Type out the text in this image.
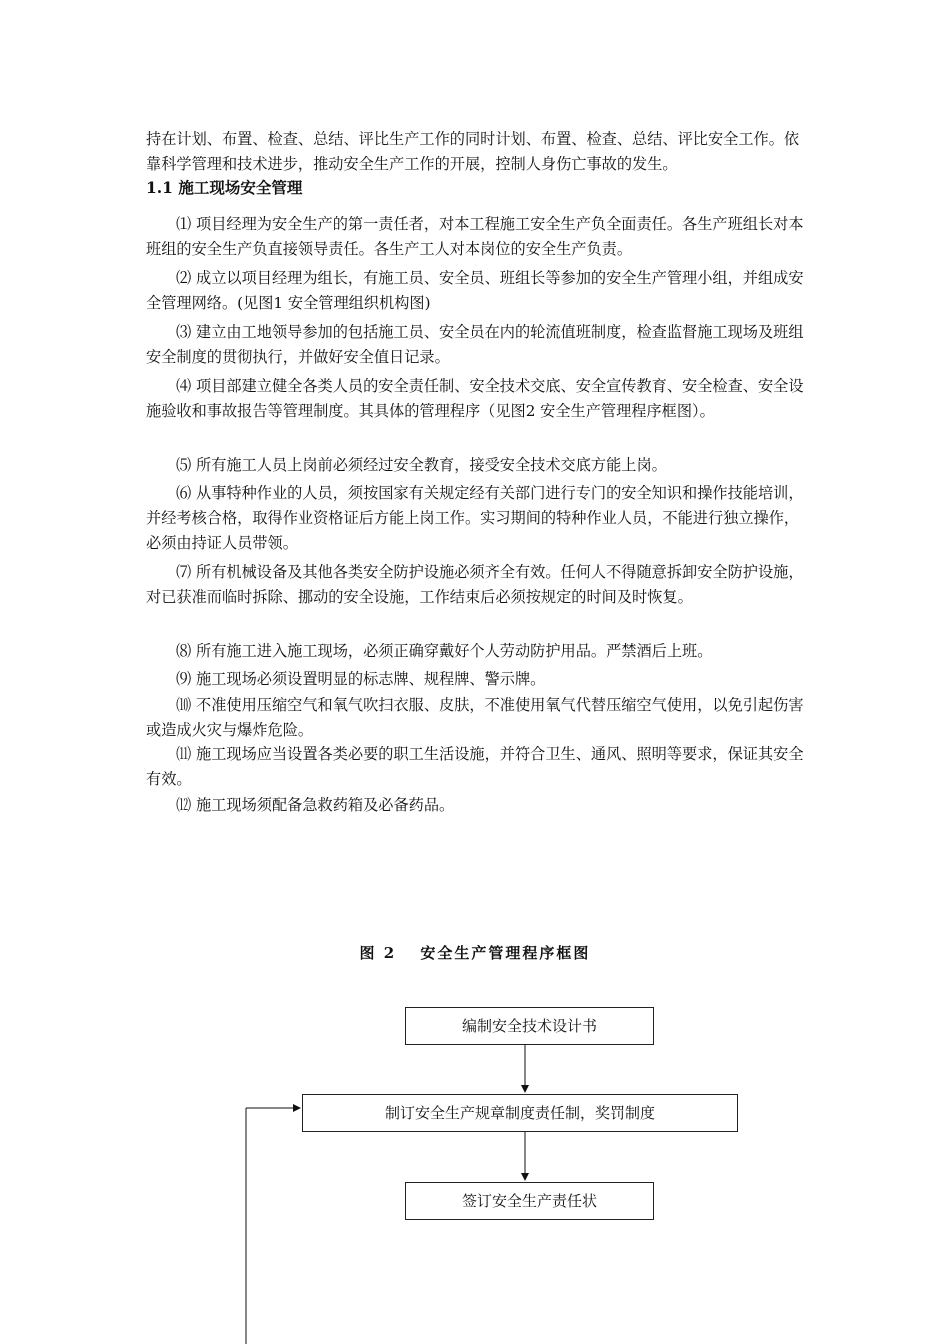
持在计划、布置、检查、总结、评比生产工作的同时计划、布置、检查、总结、评比安全工作。依靠科学管理和技术进步，推动安全生产工作的开展，控制人身伤亡事故的发生。
1.1 施工现场安全管理
⑴ 项目经理为安全生产的第一责任者，对本工程施工安全生产负全面责任。各生产班组长对本班组的安全生产负直接领导责任。各生产工人对本岗位的安全生产负责。
⑵ 成立以项目经理为组长，有施工员、安全员、班组长等参加的安全生产管理小组，并组成安全管理网络。(见图1 安全管理组织机构图)
⑶ 建立由工地领导参加的包括施工员、安全员在内的轮流值班制度，检查监督施工现场及班组安全制度的贯彻执行，并做好安全值日记录。
⑷ 项目部建立健全各类人员的安全责任制、安全技术交底、安全宣传教育、安全检查、安全设施验收和事故报告等管理制度。其具体的管理程序（见图2 安全生产管理程序框图）。
⑸ 所有施工人员上岗前必须经过安全教育，接受安全技术交底方能上岗。
⑹ 从事特种作业的人员，须按国家有关规定经有关部门进行专门的安全知识和操作技能培训，并经考核合格，取得作业资格证后方能上岗工作。实习期间的特种作业人员，不能进行独立操作，必须由持证人员带领。
⑺ 所有机械设备及其他各类安全防护设施必须齐全有效。任何人不得随意拆卸安全防护设施，对已获准而临时拆除、挪动的安全设施，工作结束后必须按规定的时间及时恢复。
⑻ 所有施工进入施工现场，必须正确穿戴好个人劳动防护用品。严禁酒后上班。
⑼ 施工现场必须设置明显的标志牌、规程牌、警示牌。
⑽ 不准使用压缩空气和氧气吹扫衣服、皮肤，不准使用氧气代替压缩空气使用，以免引起伤害或造成火灾与爆炸危险。
⑾ 施工现场应当设置各类必要的职工生活设施，并符合卫生、通风、照明等要求，保证其安全有效。
⑿ 施工现场须配备急救药箱及必备药品。
图 2　 安全生产管理程序框图
编制安全技术设计书
制订安全生产规章制度责任制，奖罚制度
签订安全生产责任状
